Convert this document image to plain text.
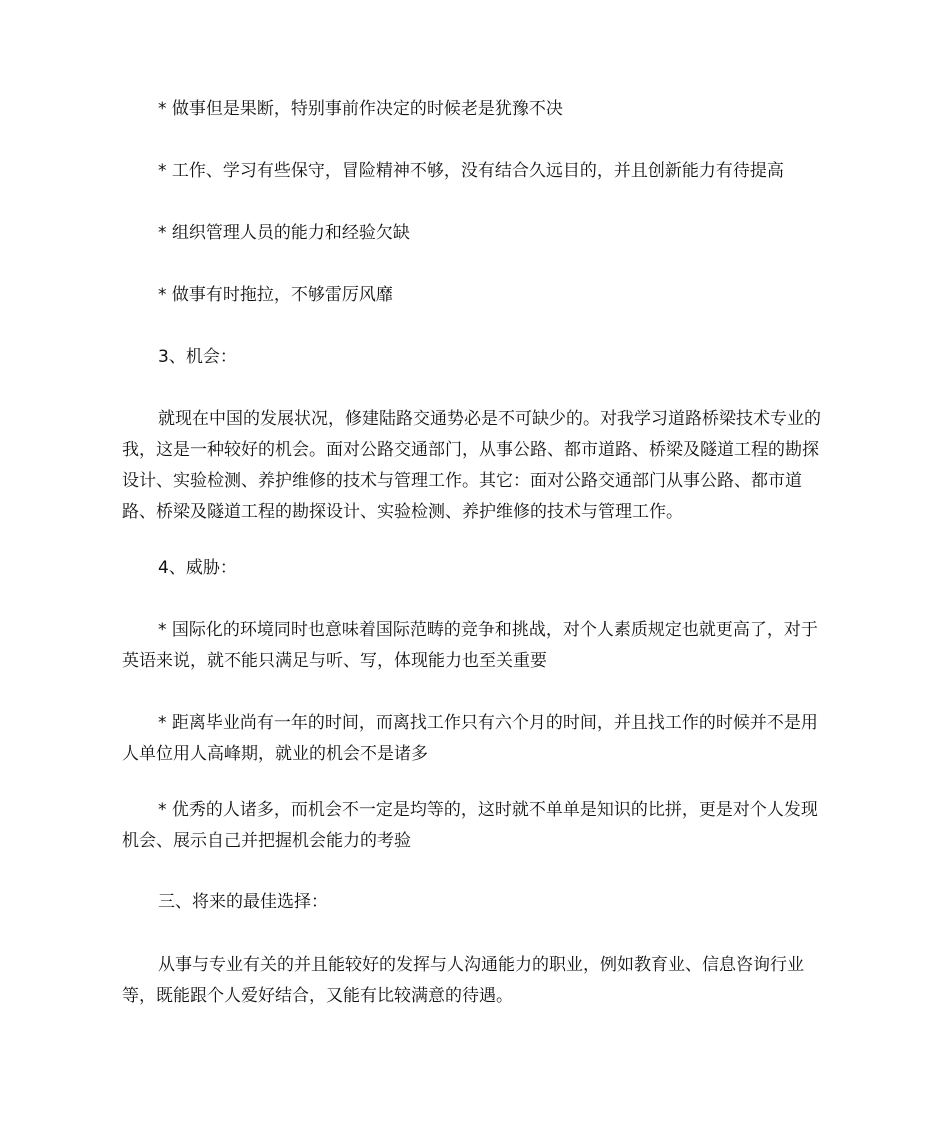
* 做事但是果断，特别事前作决定的时候老是犹豫不决

* 工作、学习有些保守，冒险精神不够，没有结合久远目的，并且创新能力有待提高

* 组织管理人员的能力和经验欠缺

* 做事有时拖拉，不够雷厉风靡

3、机会：

就现在中国的发展状况，修建陆路交通势必是不可缺少的。对我学习道路桥梁技术专业的我，这是一种较好的机会。面对公路交通部门，从事公路、都市道路、桥梁及隧道工程的勘探设计、实验检测、养护维修的技术与管理工作。其它：面对公路交通部门从事公路、都市道路、桥梁及隧道工程的勘探设计、实验检测、养护维修的技术与管理工作。

4、威胁：

* 国际化的环境同时也意味着国际范畴的竞争和挑战，对个人素质规定也就更高了，对于英语来说，就不能只满足与听、写，体现能力也至关重要

* 距离毕业尚有一年的时间，而离找工作只有六个月的时间，并且找工作的时候并不是用人单位用人高峰期，就业的机会不是诸多

* 优秀的人诸多，而机会不一定是均等的，这时就不单单是知识的比拼，更是对个人发现机会、展示自己并把握机会能力的考验

三、将来的最佳选择：

从事与专业有关的并且能较好的发挥与人沟通能力的职业，例如教育业、信息咨询行业等，既能跟个人爱好结合，又能有比较满意的待遇。
